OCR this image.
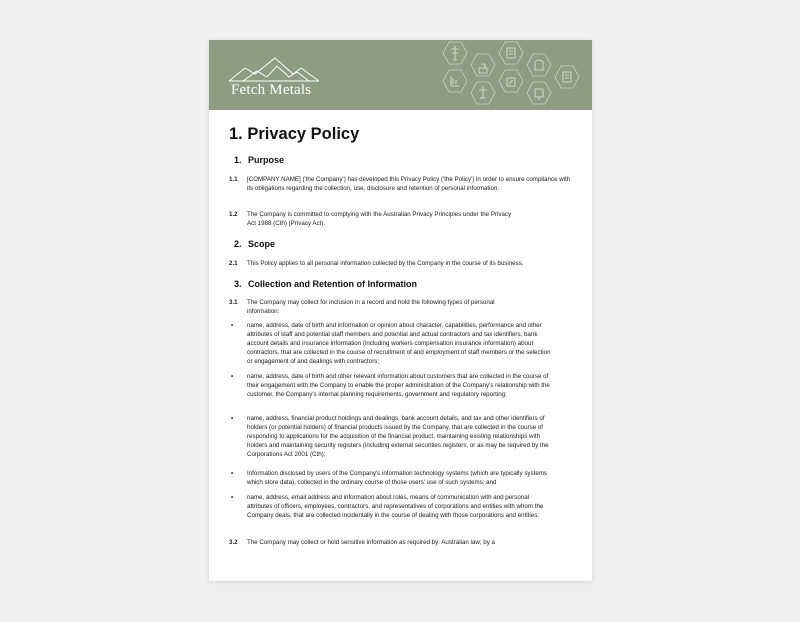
Fetch Metals
1. Privacy Policy
1. Purpose
1.1	[COMPANY NAME] ('the Company') has developed this Privacy Policy ('the Policy') in order to ensure compliance with its obligations regarding the collection, use, disclosure and retention of personal information.
1.2	The Company is committed to complying with the Australian Privacy Principles under the Privacy Act 1988 (Cth) (Privacy Act).
2. Scope
2.1	This Policy applies to all personal information collected by the Company in the course of its business.
3. Collection and Retention of Information
3.1	The Company may collect for inclusion in a record and hold the following types of personal information:
•	name, address, date of birth and information or opinion about character, capabilities, performance and other attributes of staff and potential staff members and potential and actual contractors and tax identifiers, bank account details and insurance information (including workers compensation insurance information) about contractors, that are collected in the course of recruitment of and employment of staff members or the selection or engagement of and dealings with contractors;
•	name, address, date of birth and other relevant information about customers that are collected in the course of their engagement with the Company to enable the proper administration of the Company's relationship with the customer, the Company's internal planning requirements, government and regulatory reporting;
•	name, address, financial product holdings and dealings, bank account details, and tax and other identifiers of holders (or potential holders) of financial products issued by the Company, that are collected in the course of responding to applications for the acquisition of the financial product, maintaining existing relationships with holders and maintaining security registers (including external securities registers, or as may be required by the Corporations Act 2001 (Cth);
•	Information disclosed by users of the Company's information technology systems (which are typically systems which store data), collected in the ordinary course of those users' use of such systems; and
•	name, address, email address and information about roles, means of communication with and personal attributes of officers, employees, contractors, and representatives of corporations and entities with whom the Company deals, that are collected incidentally in the course of dealing with those corporations and entities.
3.2	The Company may collect or hold sensitive information as required by: Australian law; by a
